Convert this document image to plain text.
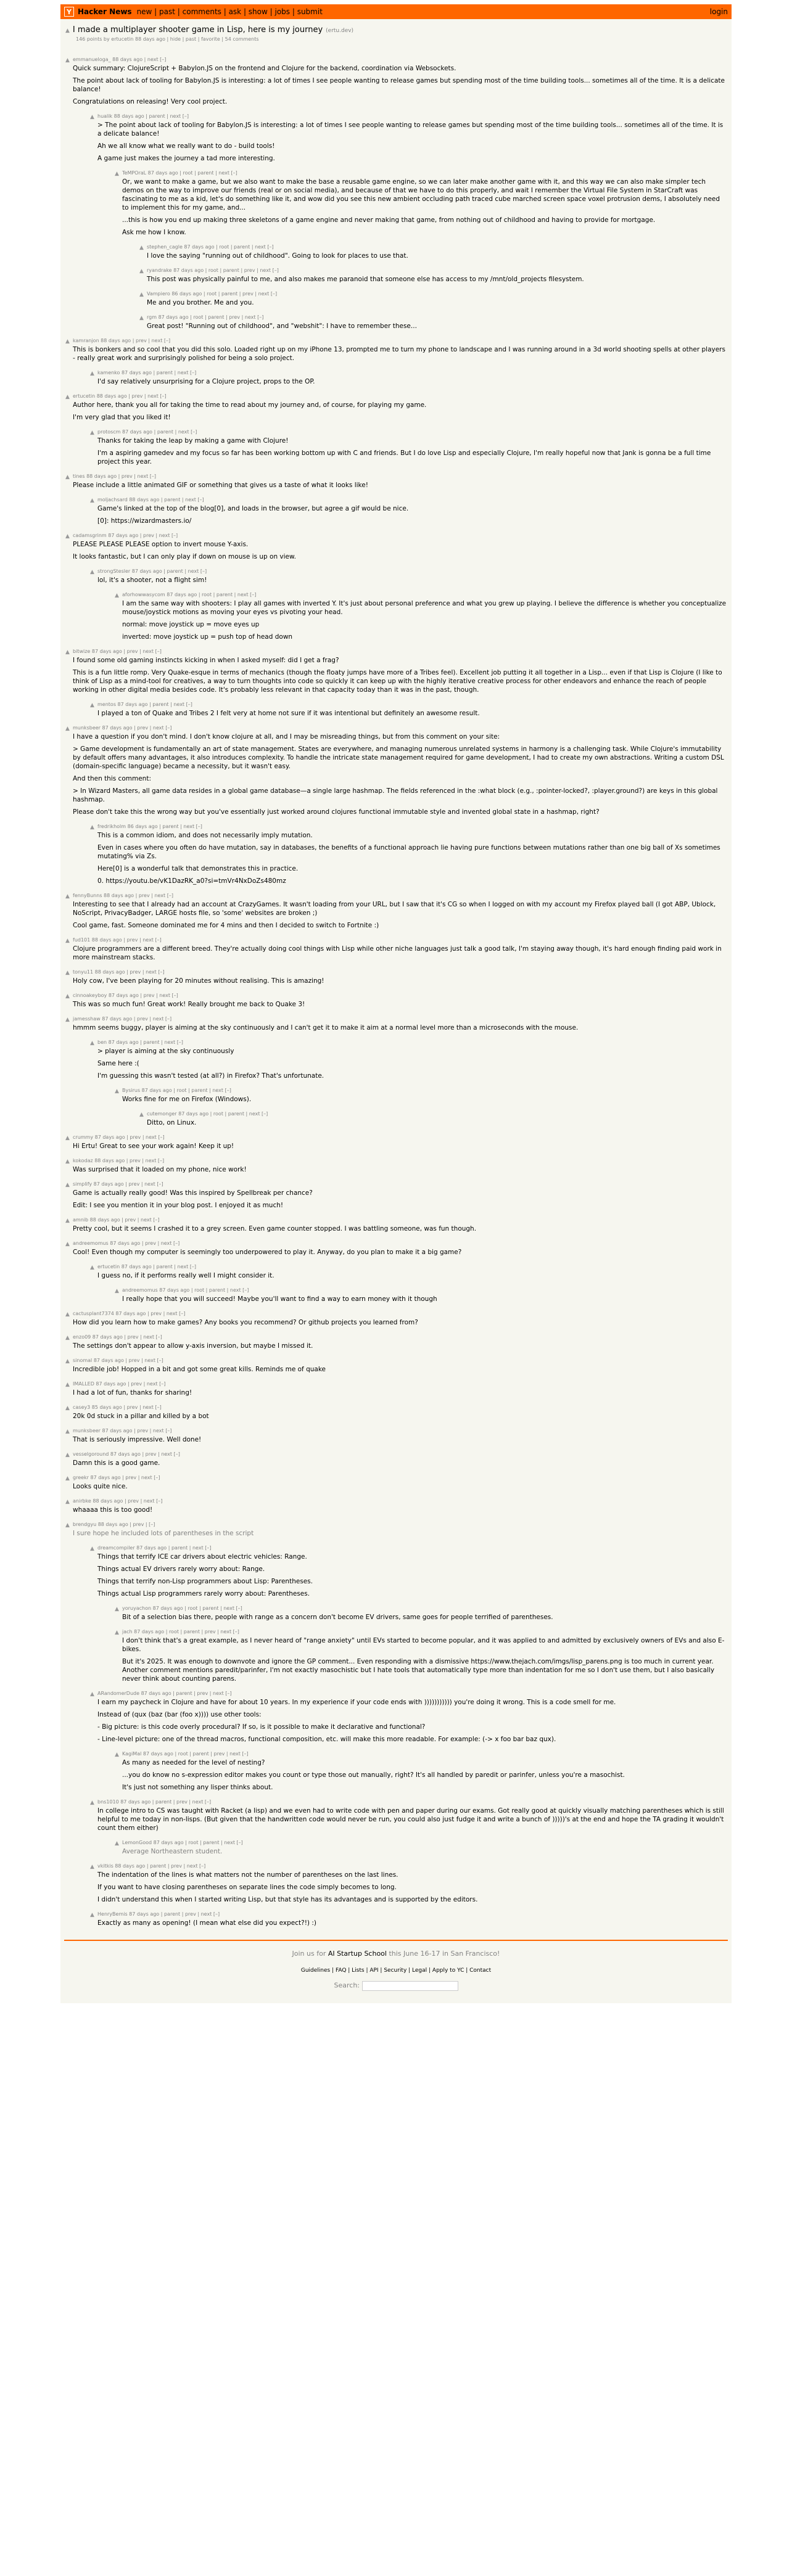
Y Hacker News new | past | comments | ask | show | jobs | submit	login
▲ I made a multiplayer shooter game in Lisp, here is my journey (ertu.dev)
146 points by ertucetin 88 days ago | hide | past | favorite | 54 comments
▲ emmanueloga_ 88 days ago | next [–]

Quick summary: ClojureScript + Babylon.JS on the frontend and Clojure for the backend, coordination via Websockets.

The point about lack of tooling for Babylon.JS is interesting: a lot of times I see people wanting to release games but spending most of the time building tools... sometimes all of the time. It is a delicate balance!

Congratulations on releasing! Very cool project.

▲ hualik 88 days ago | parent | next [–]

> The point about lack of tooling for Babylon.JS is interesting: a lot of times I see people wanting to release games but spending most of the time building tools... sometimes all of the time. It is a delicate balance!

Ah we all know what we really want to do - build tools!

A game just makes the journey a tad more interesting.

▲ TeMPOraL 87 days ago | root | parent | next [–]

Or, we want to make a game, but we also want to make the base a reusable game engine, so we can later make another game with it, and this way we can also make simpler tech demos on the way to improve our friends (real or on social media), and because of that we have to do this properly, and wait I remember the Virtual File System in StarCraft was fascinating to me as a kid, let's do something like it, and wow did you see this new ambient occluding path traced cube marched screen space voxel protrusion dems, I absolutely need to implement this for my game, and...

...this is how you end up making three skeletons of a game engine and never making that game, from nothing out of childhood and having to provide for mortgage.

Ask me how I know.

▲ stephen_cagle 87 days ago | root | parent | next [–]

I love the saying "running out of childhood". Going to look for places to use that.

▲ ryandrake 87 days ago | root | parent | prev | next [–]

This post was physically painful to me, and also makes me paranoid that someone else has access to my /mnt/old_projects filesystem.

▲ Vampiero 86 days ago | root | parent | prev | next [–]

Me and you brother. Me and you.

▲ rgm 87 days ago | root | parent | prev | next [–]

Great post! "Running out of childhood", and "webshit": I have to remember these...

▲ kamranjon 88 days ago | prev | next [–]

This is bonkers and so cool that you did this solo. Loaded right up on my iPhone 13, prompted me to turn my phone to landscape and I was running around in a 3d world shooting spells at other players - really great work and surprisingly polished for being a solo project.

▲ kamenko 87 days ago | parent | next [–]

I'd say relatively unsurprising for a Clojure project, props to the OP.

▲ ertucetin 88 days ago | prev | next [–]

Author here, thank you all for taking the time to read about my journey and, of course, for playing my game.

I'm very glad that you liked it!

▲ protoscm 87 days ago | parent | next [–]

Thanks for taking the leap by making a game with Clojure!

I'm a aspiring gamedev and my focus so far has been working bottom up with C and friends. But I do love Lisp and especially Clojure, I'm really hopeful now that Jank is gonna be a full time project this year.

▲ tines 88 days ago | prev | next [–]

Please include a little animated GIF or something that gives us a taste of what it looks like!

▲ moljachsard 88 days ago | parent | next [–]

Game's linked at the top of the blog[0], and loads in the browser, but agree a gif would be nice.

[0]: https://wizardmasters.io/

▲ cadamsgrinm 87 days ago | prev | next [–]

PLEASE PLEASE PLEASE option to invert mouse Y-axis.

It looks fantastic, but I can only play if down on mouse is up on view.

▲ strongStesler 87 days ago | parent | next [–]

lol, it's a shooter, not a flight sim!

▲ aforhowwasycom 87 days ago | root | parent | next [–]

I am the same way with shooters: I play all games with inverted Y. It's just about personal preference and what you grew up playing. I believe the difference is whether you conceptualize mouse/joystick motions as moving your eyes vs pivoting your head.

normal: move joystick up = move eyes up

inverted: move joystick up = push top of head down

▲ bitwize 87 days ago | prev | next [–]

I found some old gaming instincts kicking in when I asked myself: did I get a frag?

This is a fun little romp. Very Quake-esque in terms of mechanics (though the floaty jumps have more of a Tribes feel). Excellent job putting it all together in a Lisp... even if that Lisp is Clojure (I like to think of Lisp as a mind-tool for creatives, a way to turn thoughts into code so quickly it can keep up with the highly iterative creative process for other endeavors and enhance the reach of people working in other digital media besides code. It's probably less relevant in that capacity today than it was in the past, though.

▲ mentos 87 days ago | parent | next [–]

I played a ton of Quake and Tribes 2 I felt very at home not sure if it was intentional but definitely an awesome result.

▲ munksbeer 87 days ago | prev | next [–]

I have a question if you don't mind. I don't know clojure at all, and I may be misreading things, but from this comment on your site:

> Game development is fundamentally an art of state management. States are everywhere, and managing numerous unrelated systems in harmony is a challenging task. While Clojure's immutability by default offers many advantages, it also introduces complexity. To handle the intricate state management required for game development, I had to create my own abstractions. Writing a custom DSL (domain-specific language) became a necessity, but it wasn't easy.

And then this comment:

> In Wizard Masters, all game data resides in a global game database—a single large hashmap. The fields referenced in the :what block (e.g., :pointer-locked?, :player.ground?) are keys in this global hashmap.

Please don't take this the wrong way but you've essentially just worked around clojures functional immutable style and invented global state in a hashmap, right?

▲ fredrikholm 86 days ago | parent | next [–]

This is a common idiom, and does not necessarily imply mutation.

Even in cases where you often do have mutation, say in databases, the benefits of a functional approach lie having pure functions between mutations rather than one big ball of Xs sometimes mutating% via Zs.

Here[0] is a wonderful talk that demonstrates this in practice.

0. https://youtu.be/vK1DazRK_a0?si=tmVr4NxDoZs480mz

▲ fennyBunns 88 days ago | prev | next [–]

Interesting to see that I already had an account at CrazyGames. It wasn't loading from your URL, but I saw that it's CG so when I logged on with my account my Firefox played ball (I got ABP, Ublock, NoScript, PrivacyBadger, LARGE hosts file, so 'some' websites are broken ;)

Cool game, fast. Someone dominated me for 4 mins and then I decided to switch to Fortnite :)

▲ fud101 88 days ago | prev | next [–]

Clojure programmers are a different breed. They're actually doing cool things with Lisp while other niche languages just talk a good talk, I'm staying away though, it's hard enough finding paid work in more mainstream stacks.

▲ tonyu11 88 days ago | prev | next [–]

Holy cow, I've been playing for 20 minutes without realising. This is amazing!

▲ cinnoakeyboy 87 days ago | prev | next [–]

This was so much fun! Great work! Really brought me back to Quake 3!

▲ jamesshaw 87 days ago | prev | next [–]

hmmm seems buggy, player is aiming at the sky continuously and I can't get it to make it aim at a normal level more than a microseconds with the mouse.

▲ ben 87 days ago | parent | next [–]

> player is aiming at the sky continuously

Same here :(

I'm guessing this wasn't tested (at all?) in Firefox? That's unfortunate.

▲ Bysirus 87 days ago | root | parent | next [–]

Works fine for me on Firefox (Windows).

▲ cutemonger 87 days ago | root | parent | next [–]

Ditto, on Linux.

▲ crummy 87 days ago | prev | next [–]

Hi Ertu! Great to see your work again! Keep it up!

▲ kokodaz 88 days ago | prev | next [–]

Was surprised that it loaded on my phone, nice work!

▲ simplify 87 days ago | prev | next [–]

Game is actually really good! Was this inspired by Spellbreak per chance?

Edit: I see you mention it in your blog post. I enjoyed it as much!

▲ amnib 88 days ago | prev | next [–]

Pretty cool, but it seems I crashed it to a grey screen. Even game counter stopped. I was battling someone, was fun though.

▲ andreemomus 87 days ago | prev | next [–]

Cool! Even though my computer is seemingly too underpowered to play it. Anyway, do you plan to make it a big game?

▲ ertucetin 87 days ago | parent | next [–]

I guess no, if it performs really well I might consider it.

▲ andreemomus 87 days ago | root | parent | next [–]

I really hope that you will succeed! Maybe you'll want to find a way to earn money with it though

▲ cactusplant7374 87 days ago | prev | next [–]

How did you learn how to make games? Any books you recommend? Or github projects you learned from?

▲ enzo09 87 days ago | prev | next [–]

The settings don't appear to allow y-axis inversion, but maybe I missed it.

▲ sinomal 87 days ago | prev | next [–]

Incredible job! Hopped in a bit and got some great kills. Reminds me of quake

▲ IMALLED 87 days ago | prev | next [–]

I had a lot of fun, thanks for sharing!

▲ casey3 85 days ago | prev | next [–]

20k 0d stuck in a pillar and killed by a bot

▲ munksbeer 87 days ago | prev | next [–]

That is seriously impressive. Well done!

▲ vesselgoround 87 days ago | prev | next [–]

Damn this is a good game.

▲ greekr 87 days ago | prev | next [–]

Looks quite nice.

▲ anirbke 88 days ago | prev | next [–]

whaaaa this is too good!

▲ brendgyu 88 days ago | prev | [–]

I sure hope he included lots of parentheses in the script

▲ dreamcompiler 87 days ago | parent | next [–]

Things that terrify ICE car drivers about electric vehicles: Range.

Things actual EV drivers rarely worry about: Range.

Things that terrify non-Lisp programmers about Lisp: Parentheses.

Things actual Lisp programmers rarely worry about: Parentheses.

▲ yoruyachon 87 days ago | root | parent | next [–]

Bit of a selection bias there, people with range as a concern don't become EV drivers, same goes for people terrified of parentheses.

▲ jach 87 days ago | root | parent | prev | next [–]

I don't think that's a great example, as I never heard of "range anxiety" until EVs started to become popular, and it was applied to and admitted by exclusively owners of EVs and also E-bikes.

But it's 2025. It was enough to downvote and ignore the GP comment... Even responding with a dismissive https://www.thejach.com/imgs/lisp_parens.png is too much in current year. Another comment mentions paredit/parinfer, I'm not exactly masochistic but I hate tools that automatically type more than indentation for me so I don't use them, but I also basically never think about counting parens.

▲ ARandomerDude 87 days ago | parent | prev | next [–]

I earn my paycheck in Clojure and have for about 10 years. In my experience if your code ends with ))))))))))) you're doing it wrong. This is a code smell for me.

Instead of (qux (baz (bar (foo x)))) use other tools:

- Big picture: is this code overly procedural? If so, is it possible to make it declarative and functional?

- Line-level picture: one of the thread macros, functional composition, etc. will make this more readable. For example: (-> x foo bar baz qux).

▲ KagiMal 87 days ago | root | parent | prev | next [–]

As many as needed for the level of nesting?

...you do know no s-expression editor makes you count or type those out manually, right? It's all handled by paredit or parinfer, unless you're a masochist.

It's just not something any lisper thinks about.

▲ bns1010 87 days ago | parent | prev | next [–]

In college intro to CS was taught with Racket (a lisp) and we even had to write code with pen and paper during our exams. Got really good at quickly visually matching parentheses which is still helpful to me today in non-lisps. (But given that the handwritten code would never be run, you could also just fudge it and write a bunch of )))))'s at the end and hope the TA grading it wouldn't count them either)

▲ LemonGood 87 days ago | root | parent | next [–]

Average Northeastern student.

▲ vkitkis 88 days ago | parent | prev | next [–]

The indentation of the lines is what matters not the number of parentheses on the last lines.

If you want to have closing parentheses on separate lines the code simply becomes to long.

I didn't understand this when I started writing Lisp, but that style has its advantages and is supported by the editors.

▲ HenryBemis 87 days ago | parent | prev | next [–]

Exactly as many as opening! (I mean what else did you expect?!) :)

Join us for AI Startup School this June 16-17 in San Francisco!
Guidelines | FAQ | Lists | API | Security | Legal | Apply to YC | Contact
Search:
